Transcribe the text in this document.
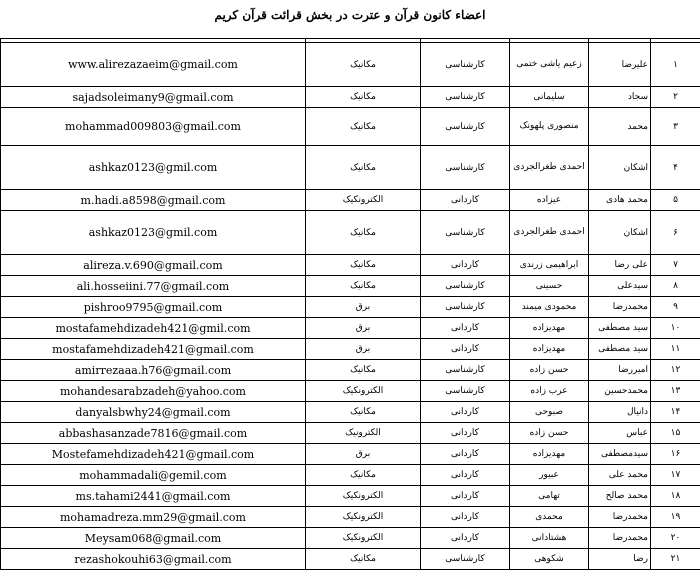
اعضاء کانون قرآن و عترت در بخش قرائت قرآن کریم

۱	علیرضا	زعیم یاشی ختمی	کارشناسی	مکانیک	www.alirezazaeim@gmail.com
۲	سجاد	سلیمانی	کارشناسی	مکانیک	sajadsoleimany9@gmail.com
۳	محمد	منصوری پلهونک	کارشناسی	مکانیک	mohammad009803@gmail.com
۴	اشکان	احمدی طغرالجردی	کارشناسی	مکانیک	ashkaz0123@gmil.com
۵	محمد هادی	عیزاده	کاردانی	الکترونکیک	m.hadi.a8598@gmail.com
۶	اشکان	احمدی طغرالجردی	کارشناسی	مکانیک	ashkaz0123@gmil.com
۷	علی رضا	ابراهیمی زرندی	کاردانی	مکانیک	alireza.v.690@gmail.com
۸	سیدعلی	حسینی	کارشناسی	مکانیک	ali.hosseiini.77@gmail.com
۹	محمدرضا	محمودی میمند	کارشناسی	برق	pishroo9795@gmail.com
۱۰	سید مصطفی	مهدیزاده	کاردانی	برق	mostafamehdizadeh421@gmil.com
۱۱	سید مصطفی	مهدیزاده	کاردانی	برق	mostafamehdizadeh421@gmail.com
۱۲	امیررضا	حسن زاده	کارشناسی	مکانیک	amirrezaaa.h76@gmail.com
۱۳	محمدحسین	عرب زاده	کارشناسی	الکترونکیک	mohandesarabzadeh@yahoo.com
۱۴	دانیال	صبوحی	کاردانی	مکانیک	danyalsbwhy24@gmail.com
۱۵	عباس	حسن زاده	کاردانی	الکترونیک	abbashasanzade7816@gmail.com
۱۶	سیدمصطفی	مهدیزاده	کاردانی	برق	Mostefamehdizadeh421@gmail.com
۱۷	محمد علی	عبیور	کاردانی	مکانیک	mohammadali@gemil.com
۱۸	محمد صالح	تهامی	کاردانی	الکترونکیک	ms.tahami2441@gmail.com
۱۹	محمدرضا	محمدی	کاردانی	الکترونکیک	mohamadreza.mm29@gmail.com
۲۰	محمدرضا	هشتادانی	کاردانی	الکترونکیک	Meysam068@gmail.com
۲۱	رضا	شکوهی	کارشناسی	مکانیک	rezashokouhi63@gmail.com
